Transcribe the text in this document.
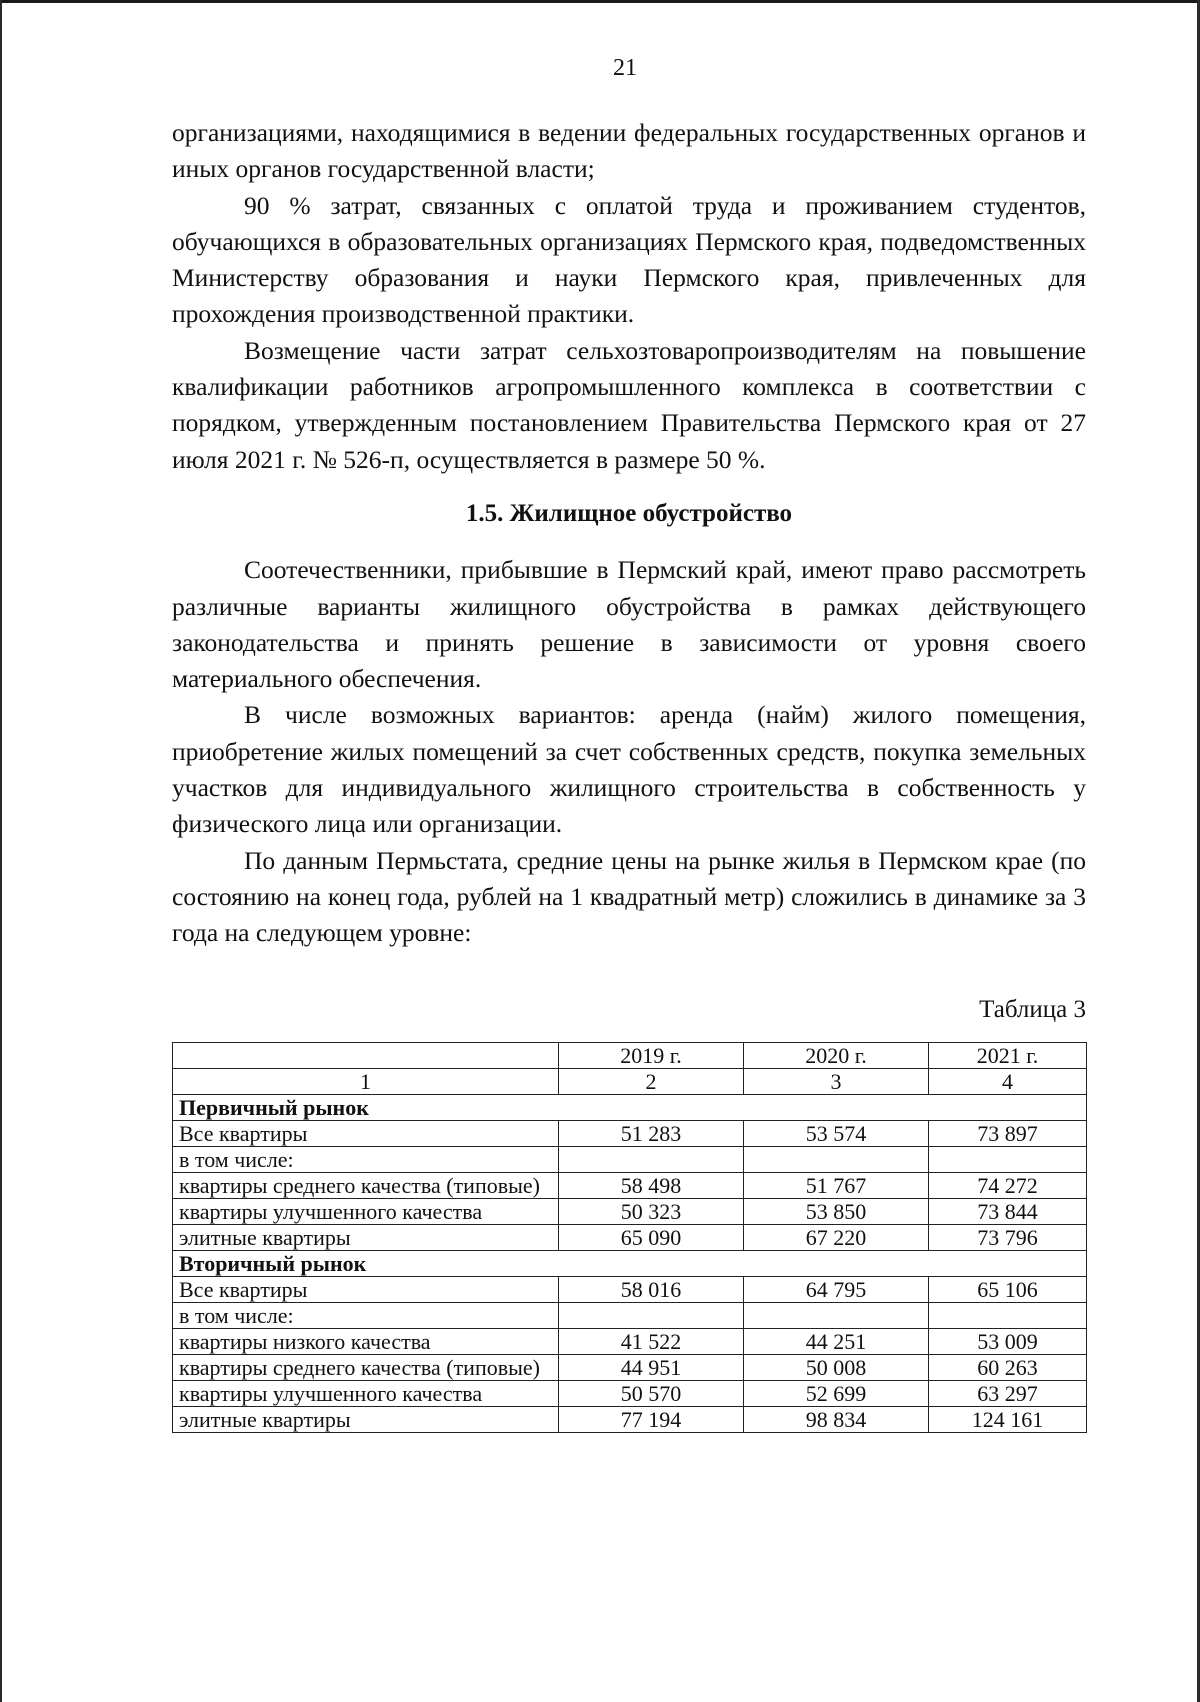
21

организациями, находящимися в ведении федеральных государственных органов и иных органов государственной власти;

90 % затрат, связанных с оплатой труда и проживанием студентов, обучающихся в образовательных организациях Пермского края, подведомственных Министерству образования и науки Пермского края, привлеченных для прохождения производственной практики.

Возмещение части затрат сельхозтоваропроизводителям на повышение квалификации работников агропромышленного комплекса в соответствии с порядком, утвержденным постановлением Правительства Пермского края от 27 июля 2021 г. № 526-п, осуществляется в размере 50 %.

1.5. Жилищное обустройство

Соотечественники, прибывшие в Пермский край, имеют право рассмотреть различные варианты жилищного обустройства в рамках действующего законодательства и принять решение в зависимости от уровня своего материального обеспечения.

В числе возможных вариантов: аренда (найм) жилого помещения, приобретение жилых помещений за счет собственных средств, покупка земельных участков для индивидуального жилищного строительства в собственность у физического лица или организации.

По данным Пермьстата, средние цены на рынке жилья в Пермском крае (по состоянию на конец года, рублей на 1 квадратный метр) сложились в динамике за 3 года на следующем уровне:

Таблица 3
	2019 г.	2020 г.	2021 г.
1	2	3	4
Первичный рынок			
Все квартиры	51 283	53 574	73 897
в том числе:			
квартиры среднего качества (типовые)	58 498	51 767	74 272
квартиры улучшенного качества	50 323	53 850	73 844
элитные квартиры	65 090	67 220	73 796
Вторичный рынок			
Все квартиры	58 016	64 795	65 106
в том числе:			
квартиры низкого качества	41 522	44 251	53 009
квартиры среднего качества (типовые)	44 951	50 008	60 263
квартиры улучшенного качества	50 570	52 699	63 297
элитные квартиры	77 194	98 834	124 161
